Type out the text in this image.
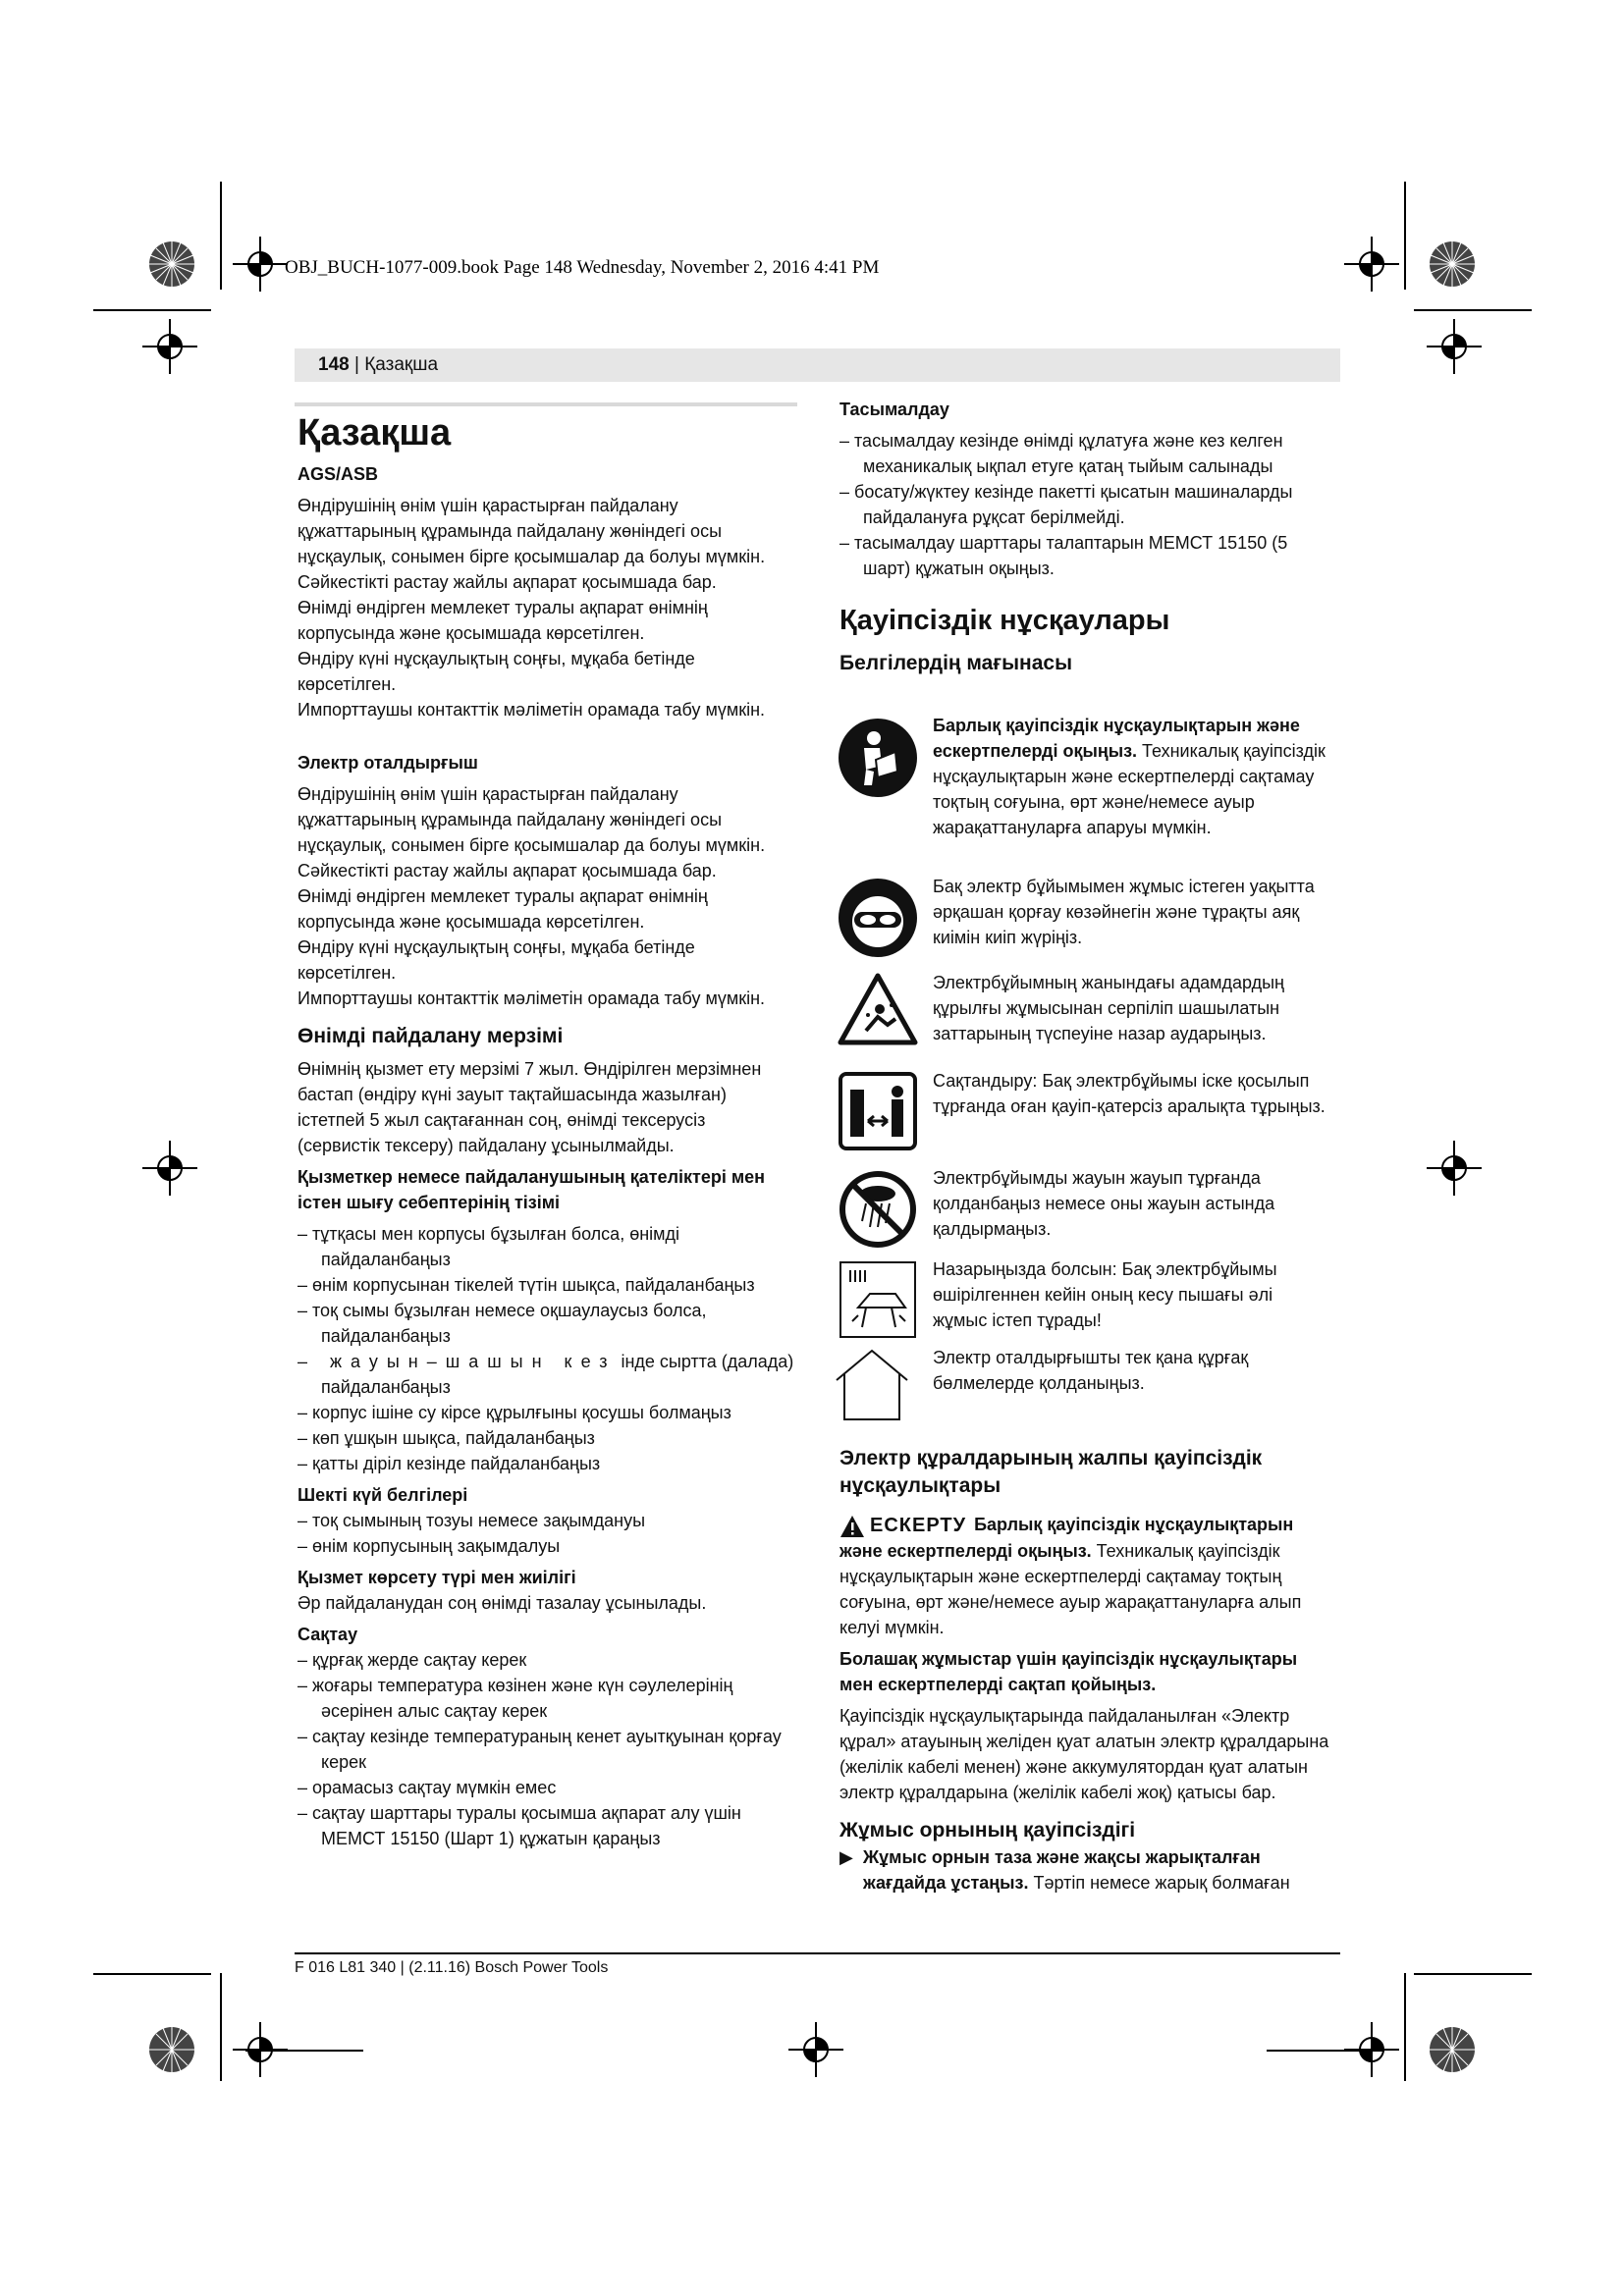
OBJ_BUCH-1077-009.book Page 148 Wednesday, November 2, 2016 4:41 PM
148 | Қазақша

Қазақша

AGS/ASB

Өндірушінің өнім үшін қарастырған пайдалану

құжаттарының құрамында пайдалану жөніндегі осы

нұсқаулық, сонымен бірге қосымшалар да болуы мүмкін.

Сәйкестікті растау жайлы ақпарат қосымшада бар.

Өнімді өндірген мемлекет туралы ақпарат өнімнің

корпусында және қосымшада көрсетілген.

Өндіру күні нұсқаулықтың соңғы, мұқаба бетінде

көрсетілген.

Импорттаушы контакттік мәліметін орамада табу мүмкін.

Электр отaлдырғыш

Өндірушінің өнім үшін қарастырған пайдалану

құжаттарының құрамында пайдалану жөніндегі осы

нұсқаулық, сонымен бірге қосымшалар да болуы мүмкін.

Сәйкестікті растау жайлы ақпарат қосымшада бар.

Өнімді өндірген мемлекет туралы ақпарат өнімнің

корпусында және қосымшада көрсетілген.

Өндіру күні нұсқаулықтың соңғы, мұқаба бетінде

көрсетілген.

Импорттаушы контакттік мәліметін орамада табу мүмкін.

Өнімді пайдалану мерзімі

Өнімнің қызмет ету мерзімі 7 жыл. Өндірілген мерзімнен

бастап (өндіру күні зауыт тақтайшасында жазылған)

істетпей 5 жыл сақтағаннан соң, өнімді тексерусіз

(сервистік тексеру) пайдалану ұсынылмайды.

Қызметкер немесе пайдаланушының қателіктері мен істен шығу себептерінің тізімі

– тұтқасы мен корпусы бұзылған болса, өнімді пайдаланбаңыз

– өнім корпусынан тікелей түтін шықса, пайдаланбаңыз

– тоқ сымы бұзылған немесе оқшаулаусыз болса, пайдаланбаңыз

– жауын–шашын кез інде сыртта (далада) пайдаланбаңыз

– корпус ішіне су кірсе құрылғыны қосушы болмаңыз

– көп ұшқын шықса, пайдаланбаңыз

– қатты діріл кезінде пайдаланбаңыз

Шекті күй белгілері

– тоқ сымының тозуы немесе зақымдануы

– өнім корпусының зақымдалуы

Қызмет көрсету түрі мен жиілігі

Әр пайдаланудан соң өнімді тазалау ұсынылады.

Сақтау

– құрғақ жерде сақтау керек

– жоғары температура көзінен және күн сәулелерінің әсерінен алыс сақтау керек

– сақтау кезінде температураның кенет ауытқуынан қорғау керек

– орамасыз сақтау мүмкін емес

– сақтау шарттары туралы қосымша ақпарат алу үшін МЕМСТ 15150 (Шарт 1) құжатын қараңыз

Тасымалдау

– тасымалдау кезінде өнімді құлатуға және кез келген механикалық ықпал етуге қатаң тыйым салынады

– босату/жүктеу кезінде пакетті қысатын машиналарды пайдалануға рұқсат берілмейді.

– тасымалдау шарттары талаптарын МЕМСТ 15150 (5 шарт) құжатын оқыңыз.

Қауіпсіздік нұсқаулары

Белгілердің мағынасы

Барлық қауіпсіздік нұсқаулықтарын және ескертпелерді оқыңыз. Техникалық қауіпсіздік нұсқаулықтарын және ескертпелерді сақтамау тоқтың соғуына, өрт және/немесе ауыр жарақаттануларға апаруы мүмкін.
Бақ электр бұйымымен жұмыс істеген уақытта әрқашан қорғау көзәйнегін және тұрақты аяқ киімін киіп жүріңіз.
Электрбұйымның жанындағы адамдардың құрылғы жұмысынан серпіліп шашылатын заттарының түспеуіне назар аударыңыз.
Сақтандыру: Бақ электрбұйымы іске қосылып тұрғанда оған қауіп-қатерсіз аралықта тұрыңыз.
Электрбұйымды жауын жауып тұрғанда қолданбаңыз немесе оны жауын астында қалдырмаңыз.
Назарыңызда болсын: Бақ электрбұйымы өшірілгеннен кейін оның кесу пышағы әлі жұмыс істеп тұрады!
Электр отaлдырғышты тек қана құрғақ бөлмелерде қолданыңыз.

Электр құралдарының жалпы қауіпсіздік нұсқаулықтары

ЕСКЕРТУ Барлық қауіпсіздік нұсқаулықтарын және ескертпелерді оқыңыз. Техникалық қауіпсіздік нұсқаулықтарын және ескертпелерді сақтамау тоқтың соғуына, өрт және/немесе ауыр жарақаттануларға алып келуі мүмкін.

Болашақ жұмыстар үшін қауіпсіздік нұсқаулықтары мен ескертпелерді сақтап қойыңыз.

Қауіпсіздік нұсқаулықтарында пайдаланылған «Электр құрал» атауының желіден қуат алатын электр құралдарына (желілік кабелі менен) және аккумулятордан қуат алатын электр құралдарына (желілік кабелі жоқ) қатысы бар.

Жұмыс орнының қауіпсіздігі

▶ Жұмыс орнын таза және жақсы жарықталған жағдайда ұстаңыз. Тәртіп немесе жарық болмаған

F 016 L81 340 | (2.11.16) Bosch Power Tools
